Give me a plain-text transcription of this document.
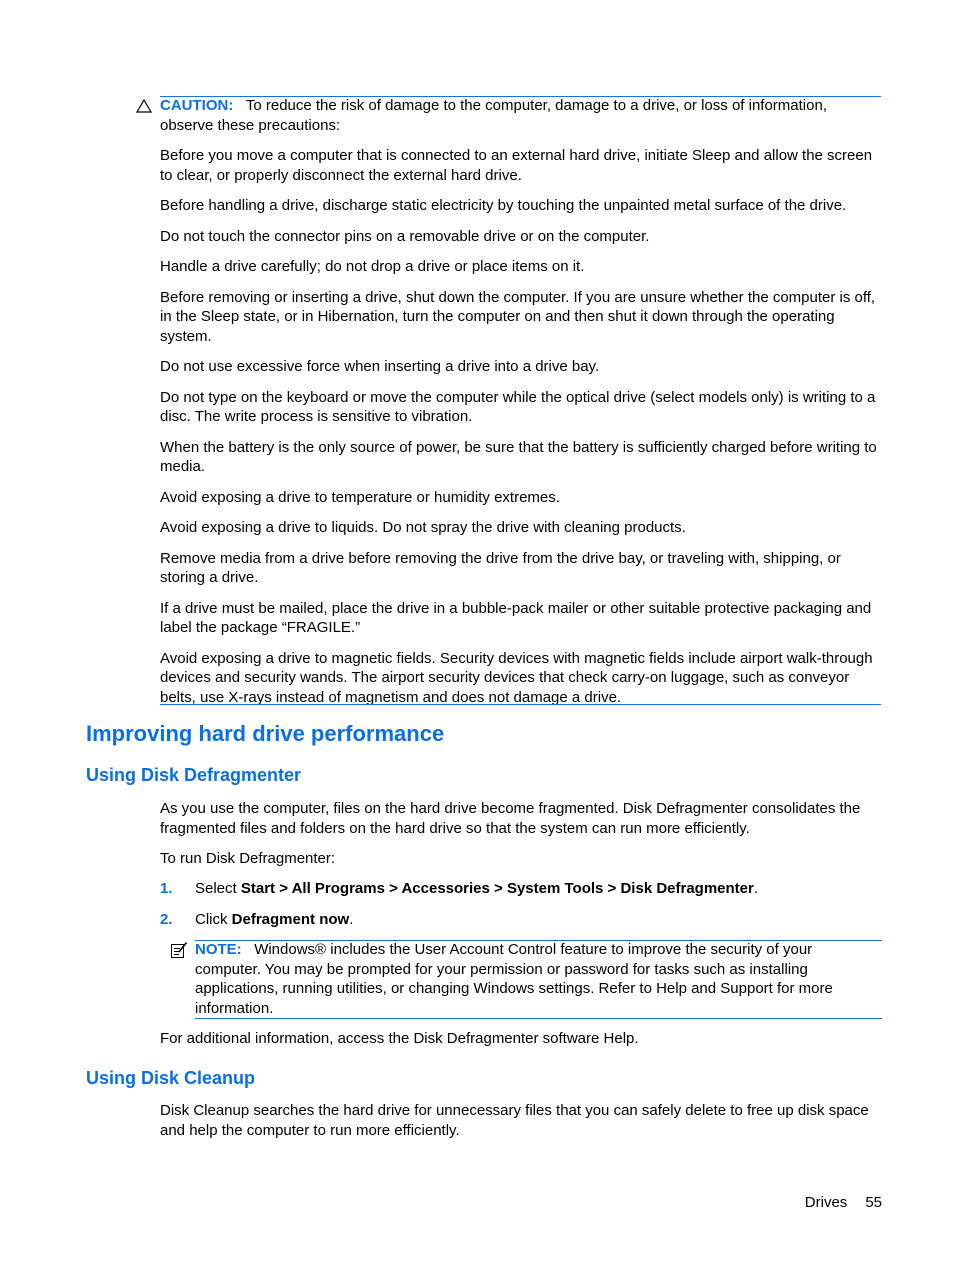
CAUTION: To reduce the risk of damage to the computer, damage to a drive, or loss of information, observe these precautions:

Before you move a computer that is connected to an external hard drive, initiate Sleep and allow the screen to clear, or properly disconnect the external hard drive.

Before handling a drive, discharge static electricity by touching the unpainted metal surface of the drive.

Do not touch the connector pins on a removable drive or on the computer.

Handle a drive carefully; do not drop a drive or place items on it.

Before removing or inserting a drive, shut down the computer. If you are unsure whether the computer is off, in the Sleep state, or in Hibernation, turn the computer on and then shut it down through the operating system.

Do not use excessive force when inserting a drive into a drive bay.

Do not type on the keyboard or move the computer while the optical drive (select models only) is writing to a disc. The write process is sensitive to vibration.

When the battery is the only source of power, be sure that the battery is sufficiently charged before writing to media.

Avoid exposing a drive to temperature or humidity extremes.

Avoid exposing a drive to liquids. Do not spray the drive with cleaning products.

Remove media from a drive before removing the drive from the drive bay, or traveling with, shipping, or storing a drive.

If a drive must be mailed, place the drive in a bubble-pack mailer or other suitable protective packaging and label the package “FRAGILE.”

Avoid exposing a drive to magnetic fields. Security devices with magnetic fields include airport walk-through devices and security wands. The airport security devices that check carry-on luggage, such as conveyor belts, use X-rays instead of magnetism and does not damage a drive.

Improving hard drive performance
Using Disk Defragmenter

As you use the computer, files on the hard drive become fragmented. Disk Defragmenter consolidates the fragmented files and folders on the hard drive so that the system can run more efficiently.

To run Disk Defragmenter:

1. Select Start > All Programs > Accessories > System Tools > Disk Defragmenter.
2. Click Defragment now.
NOTE: Windows® includes the User Account Control feature to improve the security of your computer. You may be prompted for your permission or password for tasks such as installing applications, running utilities, or changing Windows settings. Refer to Help and Support for more information.

For additional information, access the Disk Defragmenter software Help.

Using Disk Cleanup

Disk Cleanup searches the hard drive for unnecessary files that you can safely delete to free up disk space and help the computer to run more efficiently.

Drives 55
